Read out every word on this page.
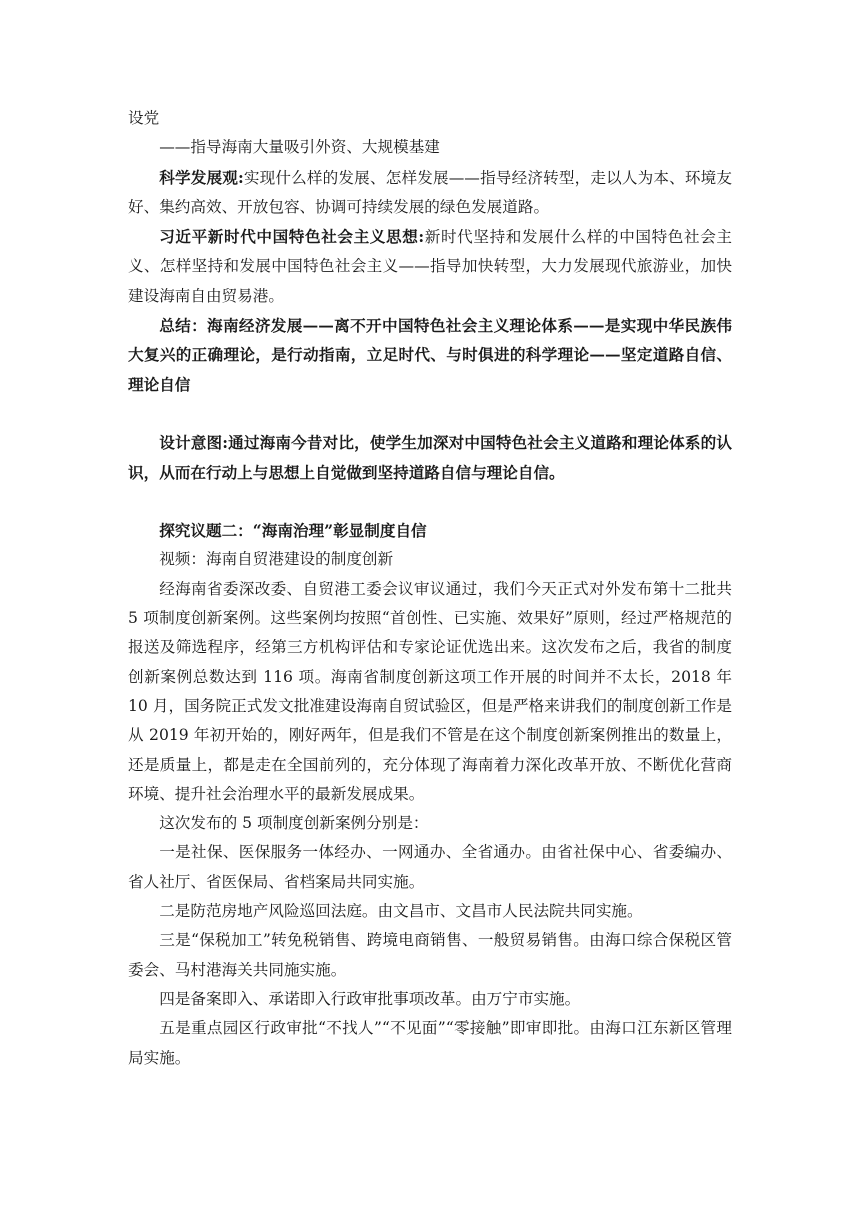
设党

——指导海南大量吸引外资、大规模基建

科学发展观:实现什么样的发展、怎样发展——指导经济转型，走以人为本、环境友好、集约高效、开放包容、协调可持续发展的绿色发展道路。

习近平新时代中国特色社会主义思想:新时代坚持和发展什么样的中国特色社会主义、怎样坚持和发展中国特色社会主义——指导加快转型，大力发展现代旅游业，加快建设海南自由贸易港。

总结：海南经济发展——离不开中国特色社会主义理论体系——是实现中华民族伟大复兴的正确理论，是行动指南，立足时代、与时俱进的科学理论——坚定道路自信、理论自信

设计意图:通过海南今昔对比，使学生加深对中国特色社会主义道路和理论体系的认识，从而在行动上与思想上自觉做到坚持道路自信与理论自信。

探究议题二：“海南治理”彰显制度自信

视频：海南自贸港建设的制度创新

经海南省委深改委、自贸港工委会议审议通过，我们今天正式对外发布第十二批共 5 项制度创新案例。这些案例均按照“首创性、已实施、效果好”原则，经过严格规范的报送及筛选程序，经第三方机构评估和专家论证优选出来。这次发布之后，我省的制度创新案例总数达到 116 项。海南省制度创新这项工作开展的时间并不太长，2018 年 10 月，国务院正式发文批准建设海南自贸试验区，但是严格来讲我们的制度创新工作是从 2019 年初开始的，刚好两年，但是我们不管是在这个制度创新案例推出的数量上，还是质量上，都是走在全国前列的，充分体现了海南着力深化改革开放、不断优化营商环境、提升社会治理水平的最新发展成果。

这次发布的 5 项制度创新案例分别是：

一是社保、医保服务一体经办、一网通办、全省通办。由省社保中心、省委编办、省人社厅、省医保局、省档案局共同实施。

二是防范房地产风险巡回法庭。由文昌市、文昌市人民法院共同实施。

三是“保税加工”转免税销售、跨境电商销售、一般贸易销售。由海口综合保税区管委会、马村港海关共同施实施。

四是备案即入、承诺即入行政审批事项改革。由万宁市实施。

五是重点园区行政审批“不找人”“不见面”“零接触”即审即批。由海口江东新区管理局实施。
